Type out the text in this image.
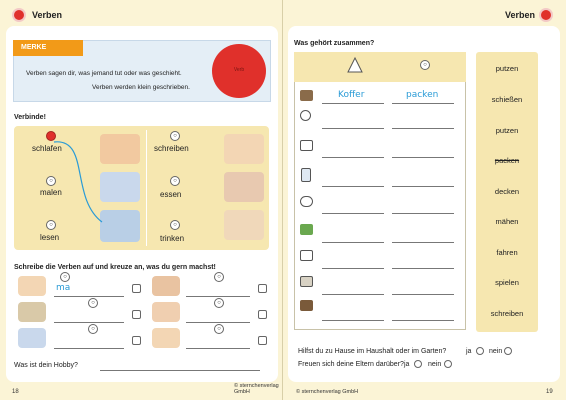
Verben
MERKE
Verben sagen dir, was jemand tut oder was geschieht.
Verben werden klein geschrieben.
Verb
Verbinde!
schlafen
○
malen
○
lesen
○
schreiben
○
essen
○
trinken
Schreibe die Verben auf und kreuze an, was du gern machst!
○
ma
○
○	○
○	○
Was ist dein Hobby?
18
© sternchenverlag GmbH
Verben
Was gehört zusammen?
○	putzen
schießen
putzen
packen
decken
mähen
fahren
spielen
schreiben
Koffer	packen
Hilfst du zu Hause im Haushalt oder im Garten?	ja	nein
Freuen sich deine Eltern darüber? ja	nein
© sternchenverlag GmbH	19
